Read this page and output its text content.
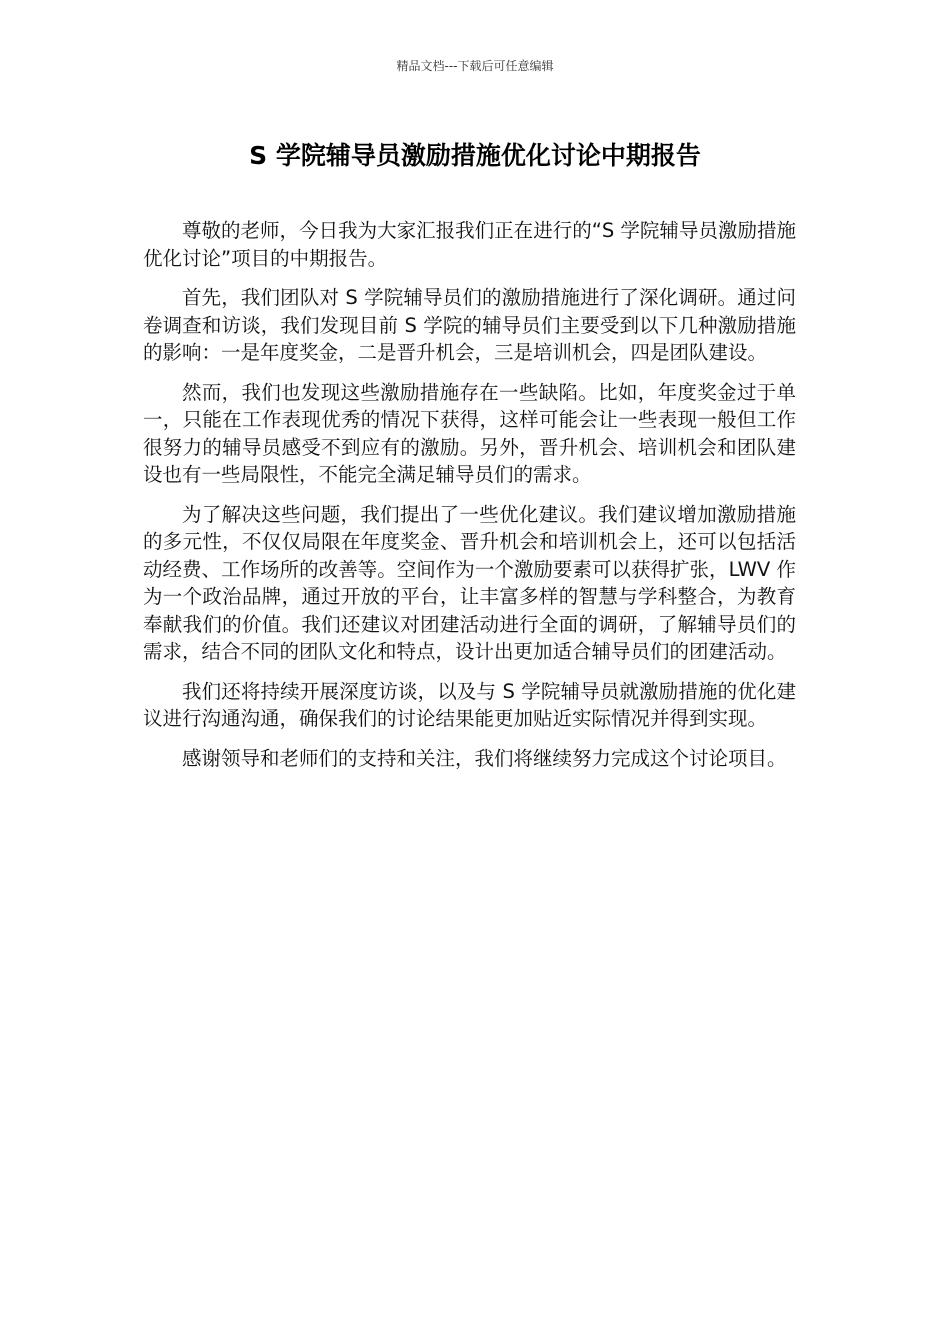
精品文档---下载后可任意编辑
S 学院辅导员激励措施优化讨论中期报告

尊敬的老师，今日我为大家汇报我们正在进行的“S 学院辅导员激励措施优化讨论”项目的中期报告。

首先，我们团队对 S 学院辅导员们的激励措施进行了深化调研。通过问卷调查和访谈，我们发现目前 S 学院的辅导员们主要受到以下几种激励措施的影响：一是年度奖金，二是晋升机会，三是培训机会，四是团队建设。

然而，我们也发现这些激励措施存在一些缺陷。比如，年度奖金过于单一，只能在工作表现优秀的情况下获得，这样可能会让一些表现一般但工作很努力的辅导员感受不到应有的激励。另外，晋升机会、培训机会和团队建设也有一些局限性，不能完全满足辅导员们的需求。

为了解决这些问题，我们提出了一些优化建议。我们建议增加激励措施的多元性，不仅仅局限在年度奖金、晋升机会和培训机会上，还可以包括活动经费、工作场所的改善等。空间作为一个激励要素可以获得扩张，LWV 作为一个政治品牌，通过开放的平台，让丰富多样的智慧与学科整合，为教育奉献我们的价值。我们还建议对团建活动进行全面的调研，了解辅导员们的需求，结合不同的团队文化和特点，设计出更加适合辅导员们的团建活动。

我们还将持续开展深度访谈，以及与 S 学院辅导员就激励措施的优化建议进行沟通沟通，确保我们的讨论结果能更加贴近实际情况并得到实现。

感谢领导和老师们的支持和关注，我们将继续努力完成这个讨论项目。
